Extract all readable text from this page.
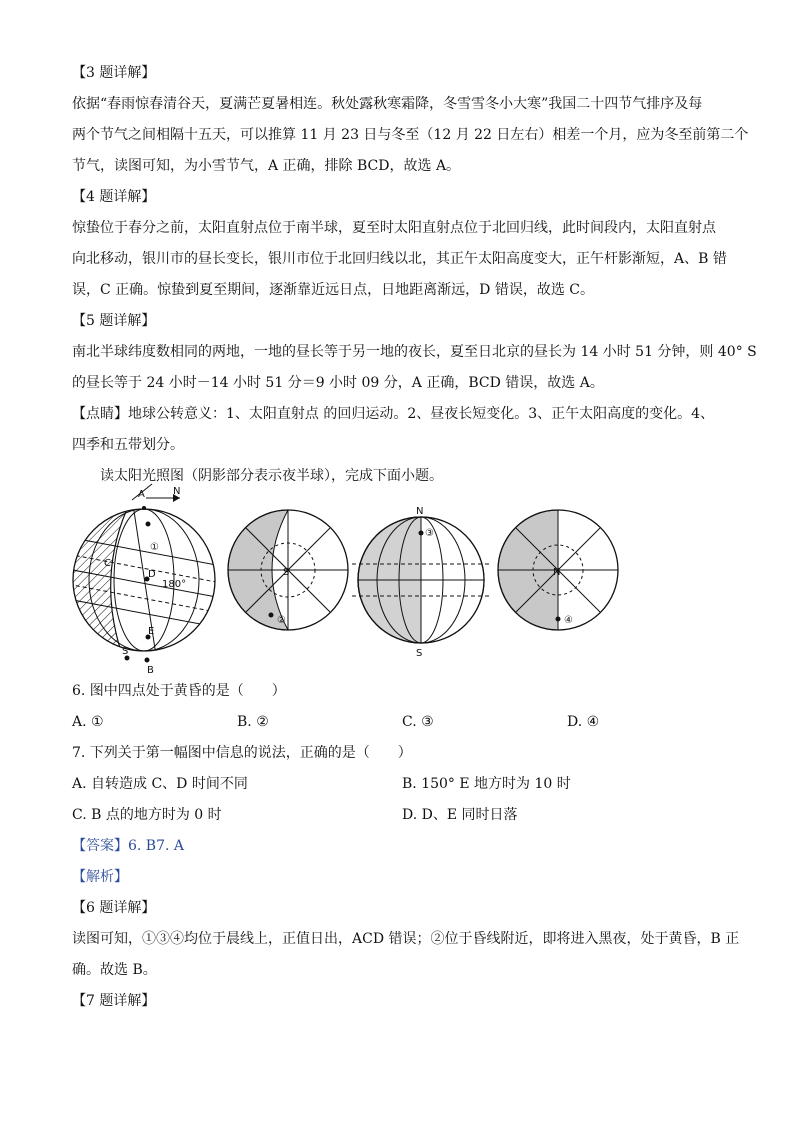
【3 题详解】
依据“春雨惊春清谷天，夏满芒夏暑相连。秋处露秋寒霜降，冬雪雪冬小大寒”我国二十四节气排序及每
两个节气之间相隔十五天，可以推算 11 月 23 日与冬至（12 月 22 日左右）相差一个月，应为冬至前第二个
节气，读图可知，为小雪节气，A 正确，排除 BCD，故选 A。
【4 题详解】
惊蛰位于春分之前，太阳直射点位于南半球，夏至时太阳直射点位于北回归线，此时间段内，太阳直射点
向北移动，银川市的昼长变长，银川市位于北回归线以北，其正午太阳高度变大，正午杆影渐短，A、B 错
误，C 正确。惊蛰到夏至期间，逐渐靠近远日点，日地距离渐远，D 错误，故选 C。
【5 题详解】
南北半球纬度数相同的两地，一地的昼长等于另一地的夜长，夏至日北京的昼长为 14 小时 51 分钟，则 40° S
的昼长等于 24 小时－14 小时 51 分＝9 小时 09 分，A 正确，BCD 错误，故选 A。
【点睛】地球公转意义：1、太阳直射点 的回归运动。2、昼夜长短变化。3、正午太阳高度的变化。4、
四季和五带划分。
读太阳光照图（阴影部分表示夜半球），完成下面小题。
A	N
①
C
D
180°
E
S
B
S
②
N
③
S
N
④
6. 图中四点处于黄昏的是（　　）
A. ①	B. ②	C. ③	D. ④
7. 下列关于第一幅图中信息的说法，正确的是（　　）
A. 自转造成 C、D 时间不同	B. 150° E 地方时为 10 时
C. B 点的地方时为 0 时	D. D、E 同时日落
【答案】6. B7. A
【解析】
【6 题详解】
读图可知，①③④均位于晨线上，正值日出，ACD 错误；②位于昏线附近，即将进入黑夜，处于黄昏，B 正
确。故选 B。
【7 题详解】
